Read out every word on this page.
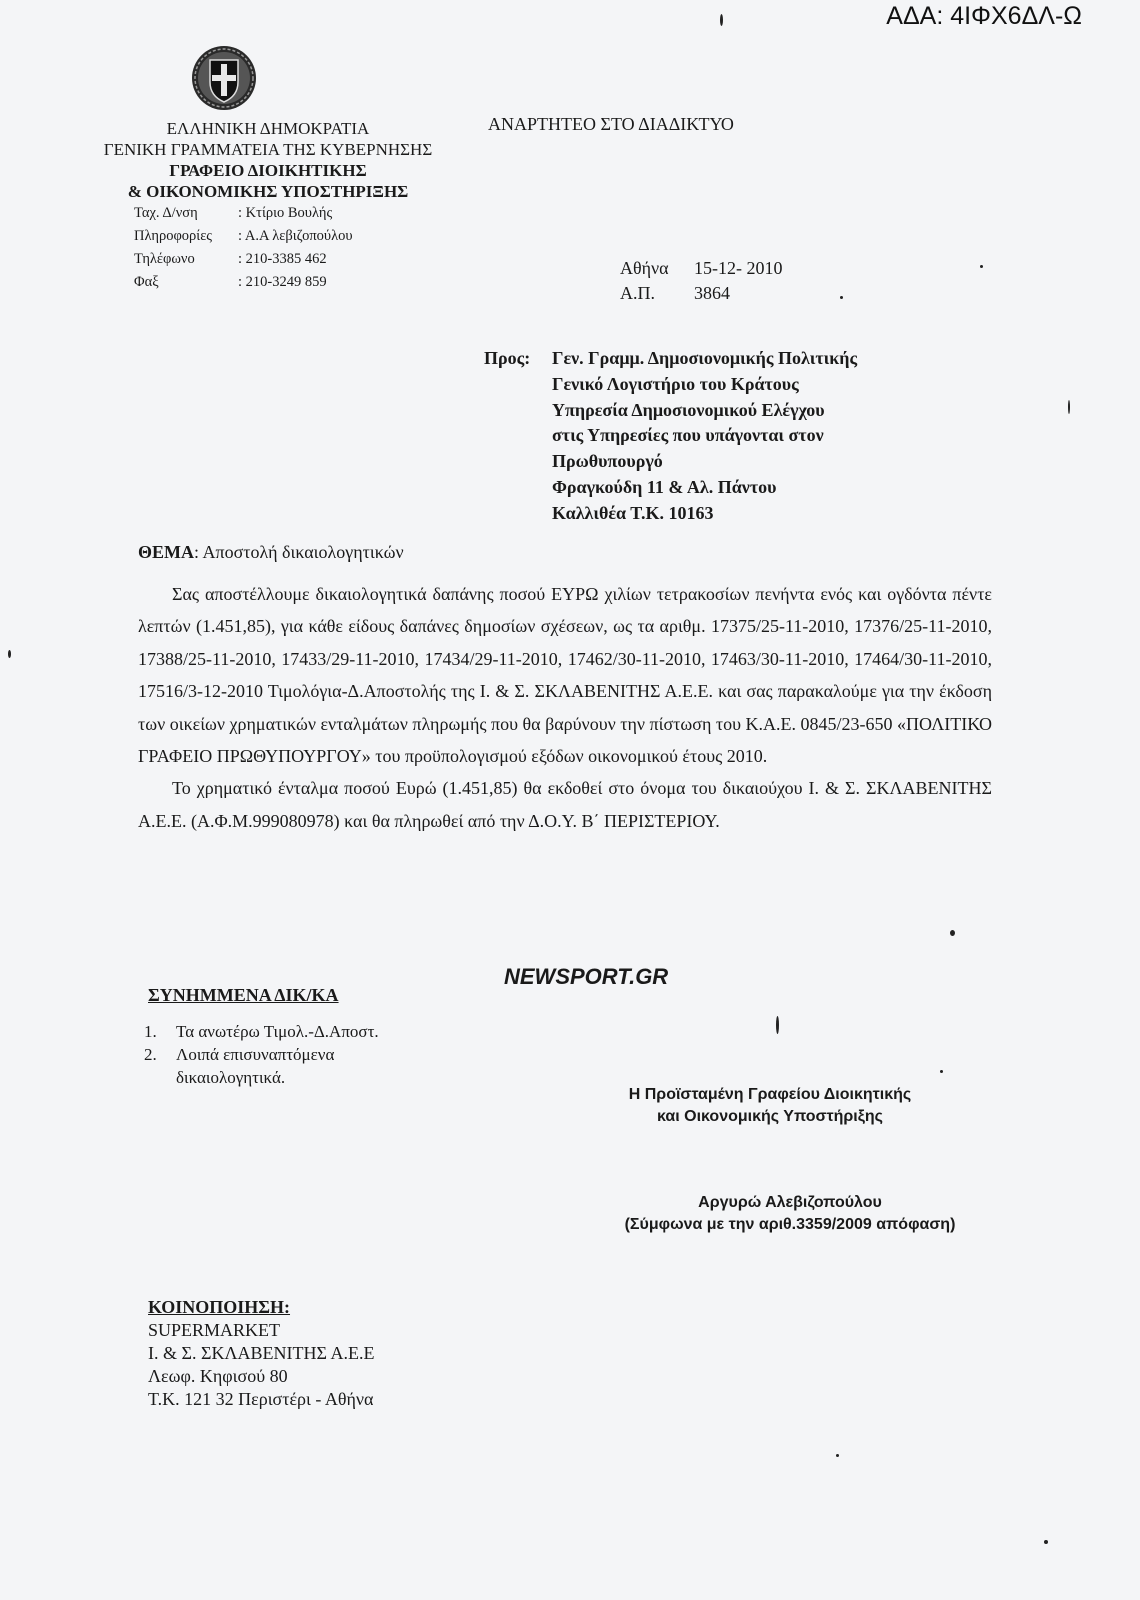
ΑΔΑ: 4ΙΦΧ6ΔΛ-Ω
ΕΛΛΗΝΙΚΗ ΔΗΜΟΚΡΑΤΙΑ
ΓΕΝΙΚΗ ΓΡΑΜΜΑΤΕΙΑ ΤΗΣ ΚΥΒΕΡΝΗΣΗΣ
ΓΡΑΦΕΙΟ ΔΙΟΙΚΗΤΙΚΗΣ
& ΟΙΚΟΝΟΜΙΚΗΣ ΥΠΟΣΤΗΡΙΞΗΣ
Ταχ. Δ/νση	: Κτίριο Βουλής
Πληροφορίες	: Α.Α λεβιζοπούλου
Τηλέφωνο	: 210-3385 462
Φαξ	: 210-3249 859
ΑΝΑΡΤΗΤΕΟ ΣΤΟ ΔΙΑΔΙΚΤΥΟ
Αθήνα	15-12- 2010
Α.Π.	3864
Προς: Γεν. Γραμμ. Δημοσιονομικής Πολιτικής
Γενικό Λογιστήριο του Κράτους
Υπηρεσία Δημοσιονομικού Ελέγχου
στις Υπηρεσίες που υπάγονται στον
Πρωθυπουργό
Φραγκούδη 11 & Αλ. Πάντου
Καλλιθέα Τ.Κ. 10163
ΘΕΜΑ: Αποστολή δικαιολογητικών

Σας αποστέλλουμε δικαιολογητικά δαπάνης ποσού ΕΥΡΩ χιλίων τετρακοσίων πενήντα ενός και ογδόντα πέντε λεπτών (1.451,85), για κάθε είδους δαπάνες δημοσίων σχέσεων, ως τα αριθμ. 17375/25-11-2010, 17376/25-11-2010, 17388/25-11-2010, 17433/29-11-2010, 17434/29-11-2010, 17462/30-11-2010, 17463/30-11-2010, 17464/30-11-2010, 17516/3-12-2010 Τιμολόγια-Δ.Αποστολής της Ι. & Σ. ΣΚΛΑΒΕΝΙΤΗΣ Α.Ε.Ε. και σας παρακαλούμε για την έκδοση των οικείων χρηματικών ενταλμάτων πληρωμής που θα βαρύνουν την πίστωση του Κ.Α.Ε. 0845/23-650 «ΠΟΛΙΤΙΚΟ ΓΡΑΦΕΙΟ ΠΡΩΘΥΠΟΥΡΓΟΥ» του προϋπολογισμού εξόδων οικονομικού έτους 2010.

Το χρηματικό ένταλμα ποσού Ευρώ (1.451,85) θα εκδοθεί στο όνομα του δικαιούχου Ι. & Σ. ΣΚΛΑΒΕΝΙΤΗΣ Α.Ε.Ε. (Α.Φ.Μ.999080978) και θα πληρωθεί από την Δ.Ο.Υ. Β΄ ΠΕΡΙΣΤΕΡΙΟΥ.

NEWSPORT.GR
ΣΥΝΗΜΜΕΝΑ ΔΙΚ/ΚΑ
1.	Τα ανωτέρω Τιμολ.-Δ.Αποστ.
2.	Λοιπά επισυναπτόμενα
δικαιολογητικά.
Η Προϊσταμένη Γραφείου Διοικητικής
και Οικονομικής Υποστήριξης
Αργυρώ Αλεβιζοπούλου
(Σύμφωνα με την αριθ.3359/2009 απόφαση)
ΚΟΙΝΟΠΟΙΗΣΗ:
SUPERMARKET
Ι. & Σ. ΣΚΛΑΒΕΝΙΤΗΣ Α.Ε.Ε
Λεωφ. Κηφισού 80
Τ.Κ. 121 32 Περιστέρι - Αθήνα
